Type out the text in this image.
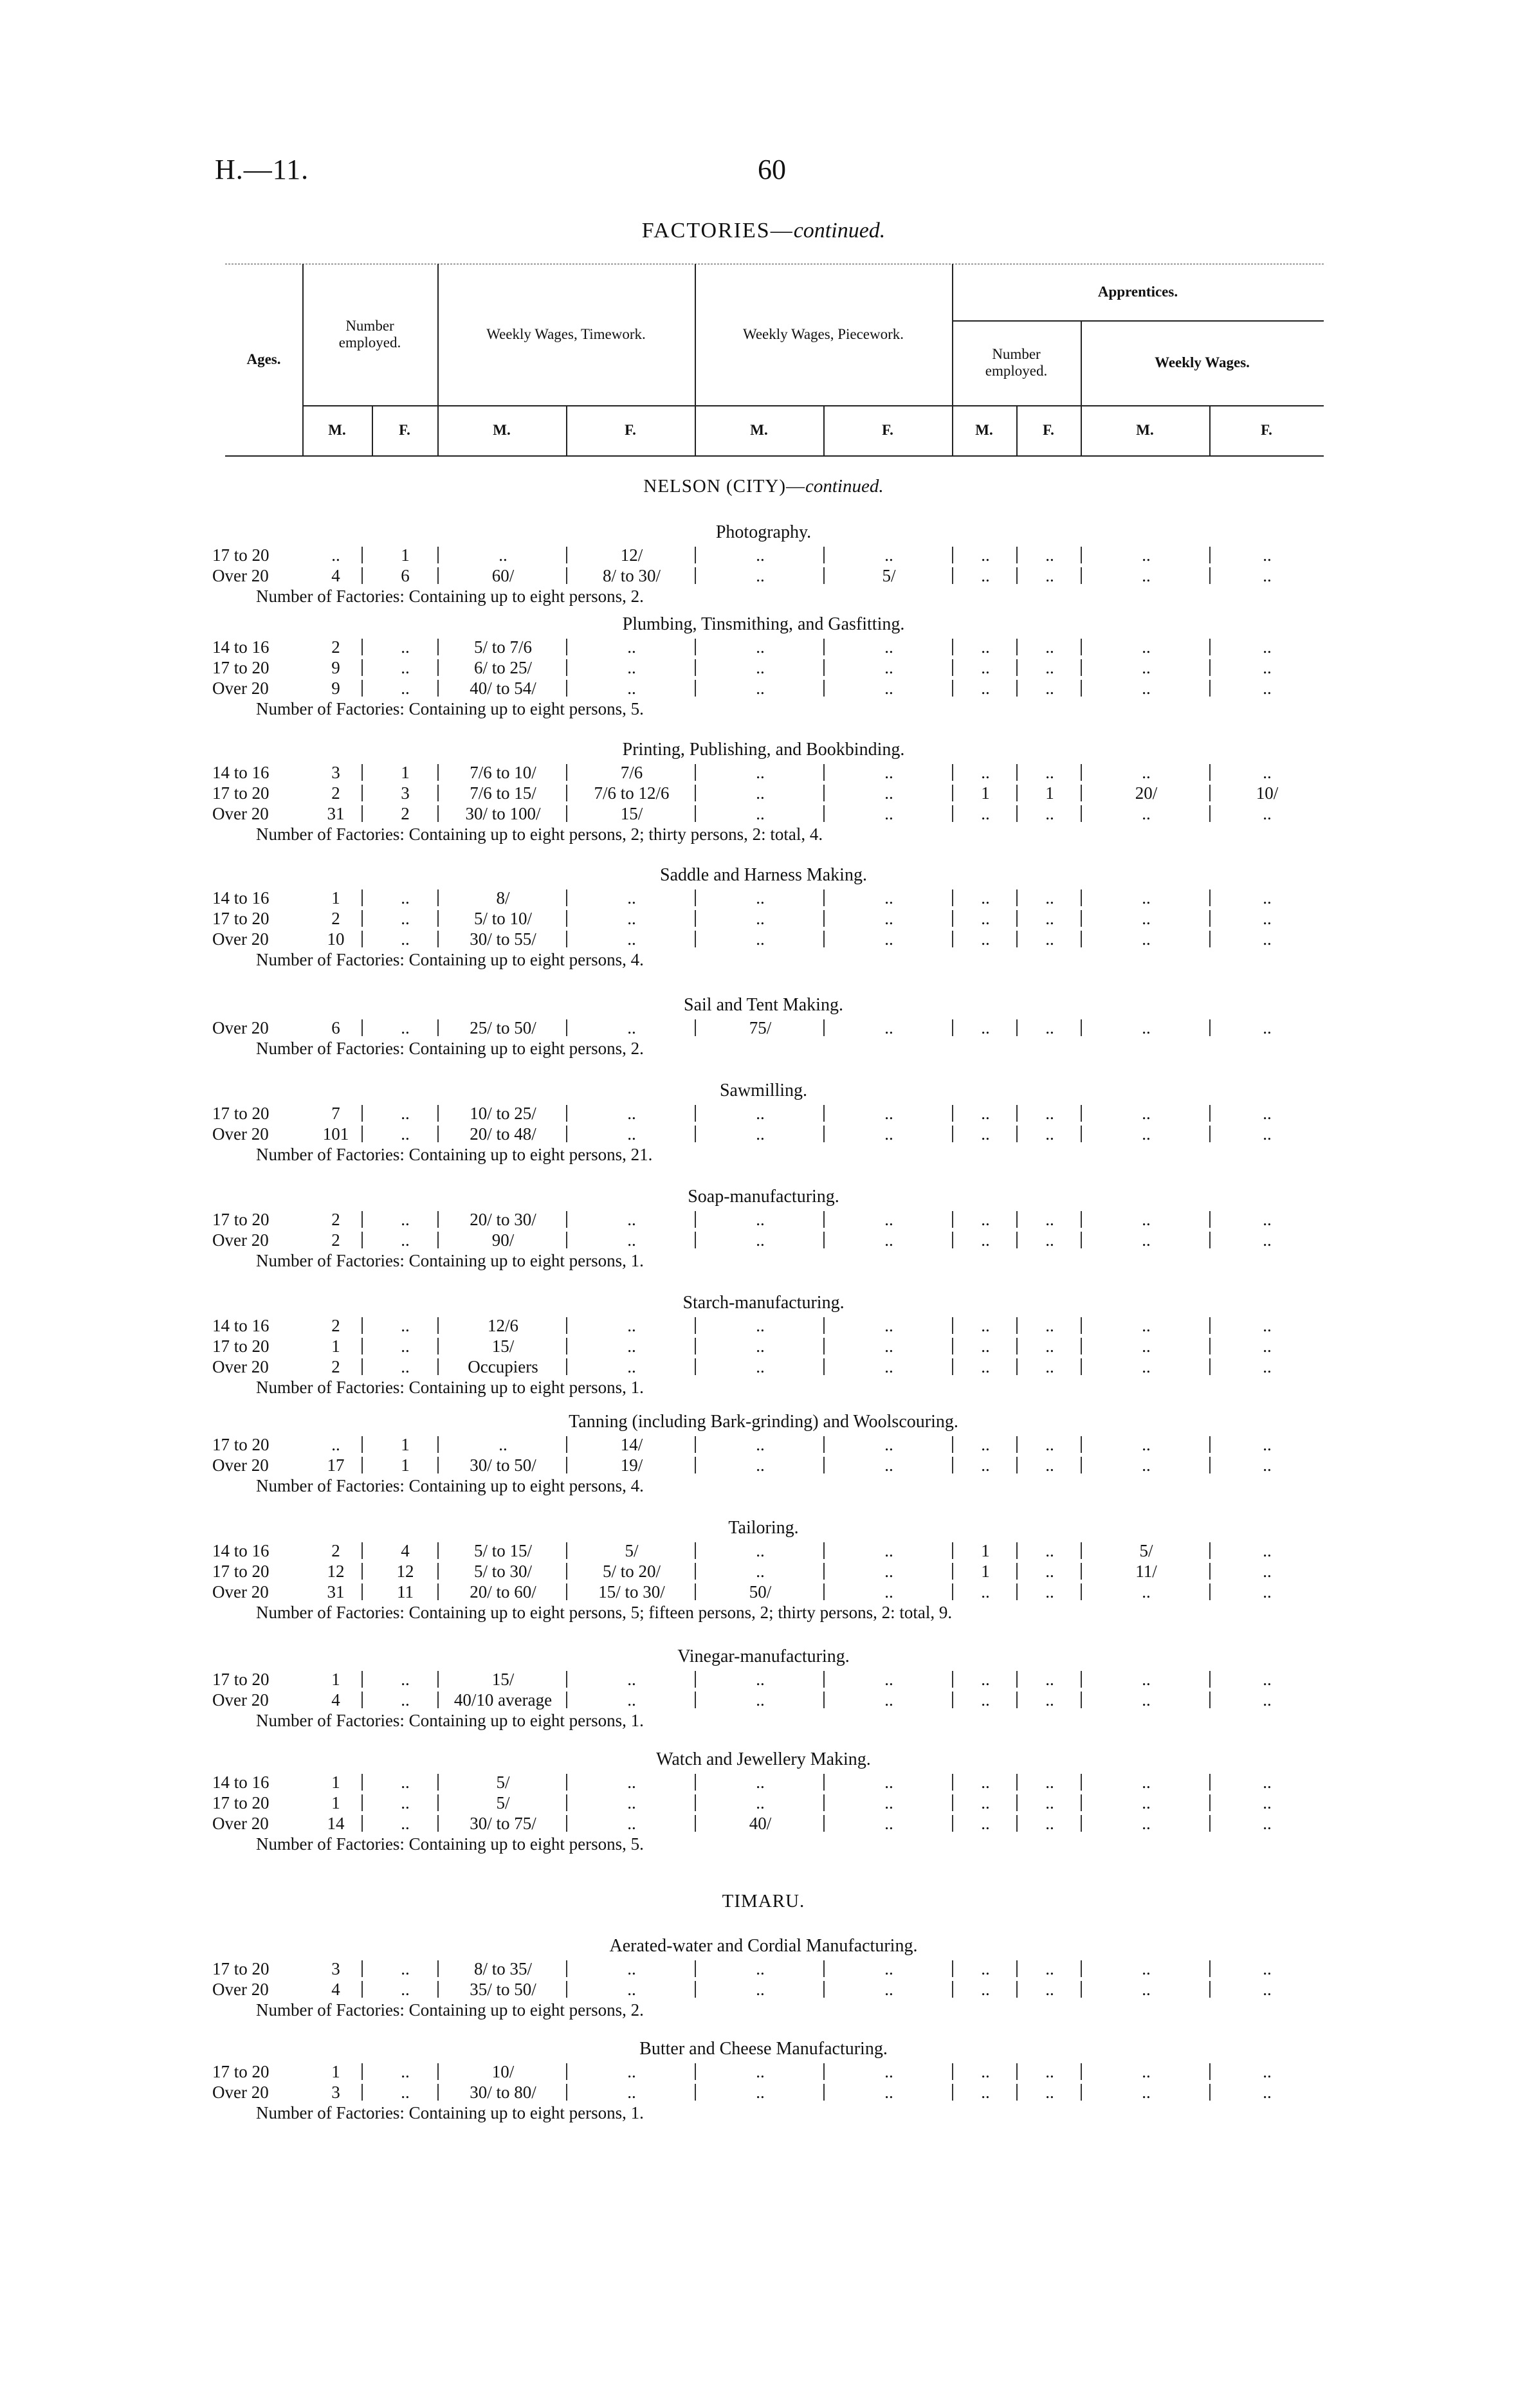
H.—11.	60
FACTORIES—continued.
Ages.
Number employed.
Weekly Wages, Timework.	Weekly Wages, Piecework.
Apprentices.
Number employed.
Weekly Wages.
M.	F.	M.	F.	M.	F.	M.	F.	M.	F.
NELSON (CITY)—continued.
Photography.
17 to 20	..	1	..	12/	..	..	..	..	..	..
Over 20	4	6	60/	8/ to 30/	..	5/	..	..	..	..
Number of Factories: Containing up to eight persons, 2.
Plumbing, Tinsmithing, and Gasfitting.
14 to 16	2	..	5/ to 7/6	..	..	..	..	..	..	..
17 to 20	9	..	6/ to 25/	..	..	..	..	..	..	..
Over 20	9	..	40/ to 54/	..	..	..	..	..	..	..
Number of Factories: Containing up to eight persons, 5.
Printing, Publishing, and Bookbinding.
14 to 16	3	1	7/6 to 10/	7/6	..	..	..	..	..	..
17 to 20	2	3	7/6 to 15/	7/6 to 12/6	..	..	1	1	20/	10/
Over 20	31	2	30/ to 100/	15/	..	..	..	..	..	..
Number of Factories: Containing up to eight persons, 2; thirty persons, 2: total, 4.
Saddle and Harness Making.
14 to 16	1	..	8/	..	..	..	..	..	..	..
17 to 20	2	..	5/ to 10/	..	..	..	..	..	..	..
Over 20	10	..	30/ to 55/	..	..	..	..	..	..	..
Number of Factories: Containing up to eight persons, 4.
Sail and Tent Making.
Over 20	6	..	25/ to 50/	..	75/	..	..	..	..	..
Number of Factories: Containing up to eight persons, 2.
Sawmilling.
17 to 20	7	..	10/ to 25/	..	..	..	..	..	..	..
Over 20	101	..	20/ to 48/	..	..	..	..	..	..	..
Number of Factories: Containing up to eight persons, 21.
Soap-manufacturing.
17 to 20	2	..	20/ to 30/	..	..	..	..	..	..	..
Over 20	2	..	90/	..	..	..	..	..	..	..
Number of Factories: Containing up to eight persons, 1.
Starch-manufacturing.
14 to 16	2	..	12/6	..	..	..	..	..	..	..
17 to 20	1	..	15/	..	..	..	..	..	..	..
Over 20	2	..	Occupiers	..	..	..	..	..	..	..
Number of Factories: Containing up to eight persons, 1.
Tanning (including Bark-grinding) and Woolscouring.
17 to 20	..	1	..	14/	..	..	..	..	..	..
Over 20	17	1	30/ to 50/	19/	..	..	..	..	..	..
Number of Factories: Containing up to eight persons, 4.
Tailoring.
14 to 16	2	4	5/ to 15/	5/	..	..	1	..	5/	..
17 to 20	12	12	5/ to 30/	5/ to 20/	..	..	1	..	11/	..
Over 20	31	11	20/ to 60/	15/ to 30/	50/	..	..	..	..	..
Number of Factories: Containing up to eight persons, 5; fifteen persons, 2; thirty persons, 2: total, 9.
Vinegar-manufacturing.
17 to 20	1	..	15/	..	..	..	..	..	..	..
Over 20	4	..	40/10 average	..	..	..	..	..	..	..
Number of Factories: Containing up to eight persons, 1.
Watch and Jewellery Making.
14 to 16	1	..	5/	..	..	..	..	..	..	..
17 to 20	1	..	5/	..	..	..	..	..	..	..
Over 20	14	..	30/ to 75/	..	40/	..	..	..	..	..
Number of Factories: Containing up to eight persons, 5.
TIMARU.
Aerated-water and Cordial Manufacturing.
17 to 20	3	..	8/ to 35/	..	..	..	..	..	..	..
Over 20	4	..	35/ to 50/	..	..	..	..	..	..	..
Number of Factories: Containing up to eight persons, 2.
Butter and Cheese Manufacturing.
17 to 20	1	..	10/	..	..	..	..	..	..	..
Over 20	3	..	30/ to 80/	..	..	..	..	..	..	..
Number of Factories: Containing up to eight persons, 1.
